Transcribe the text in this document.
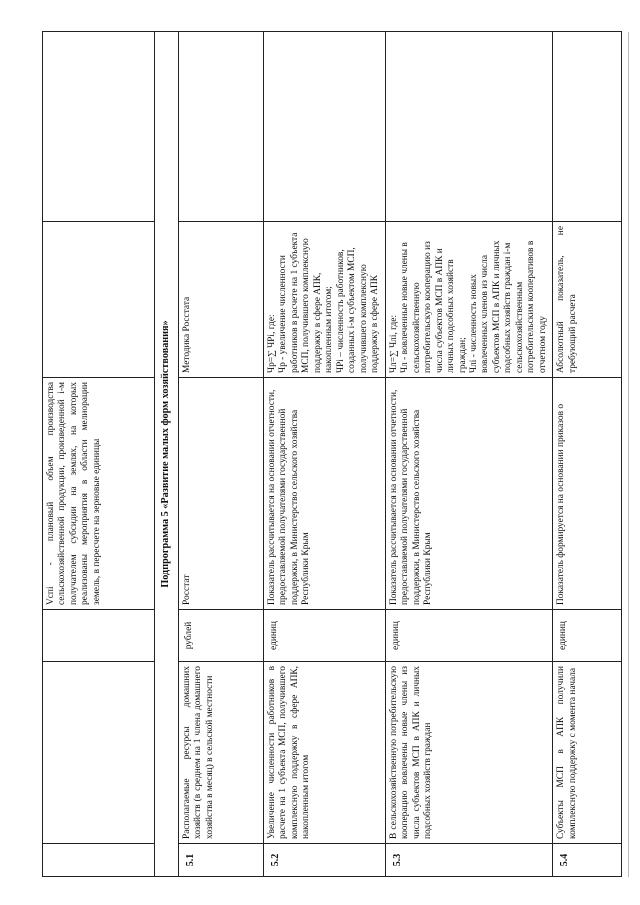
			Vспi - плановый объем производства сельскохозяйственной продукции, произведенной i-м получателем субсидии на землях, на которых реализованы мероприятия в области мелиорации земель, в пересчете на зерновые единицы		
Подпрограмма 5 «Развитие малых форм хозяйствования»					
5.1	Располагаемые ресурсы домашних хозяйств (в среднем на 1 члена домашнего хозяйства в месяц) в сельской местности	рублей	Росстат	Методика Росстата	
5.2	Увеличение численности работников в расчете на 1 субъекта МСП, получившего комплексную поддержку в сфере АПК, накопленным итогом	единиц	Показатель рассчитывается на основании отчетности, предоставляемой получателями государственной поддержки, в Министерство сельского хозяйства Республики Крым	Чр=∑ ЧРi, где:
Чр - увеличение численности работников в расчете на 1 субъекта МСП, получившего комплексную поддержку в сфере АПК, накопленным итогом;
ЧРi – численность работников, созданных i-м субъектом МСП, получившего комплексную поддержку в сфере АПК	
5.3	В сельскохозяйственную потребительскую кооперацию вовлечены новые члены из числа субъектов МСП в АПК и личных подсобных хозяйств граждан	единиц	Показатель рассчитывается на основании отчетности, предоставляемой получателями государственной поддержки, в Министерство сельского хозяйства Республики Крым	Чл=∑ Члi, где:
Чл - вовлеченные новые члены в сельскохозяйственную потребительскую кооперацию из числа субъектов МСП в АПК и личных подсобных хозяйств граждан;
Члi - численность новых вовлеченных членов из числа субъектов МСП в АПК и личных подсобных хозяйств граждан i-м сельскохозяйственным потребительским кооперативов в отчетном году	
5.4	Субъекты МСП в АПК получили комплексную поддержку с момента начала	единиц	Показатель формируется на основании приказов о	Абсолютный показатель, не требующий расчета	
